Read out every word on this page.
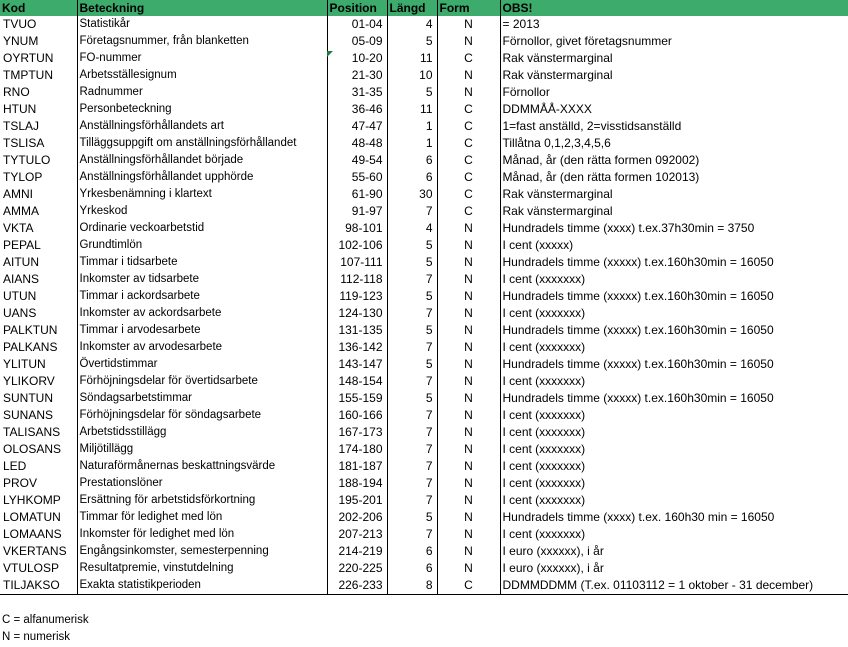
Kod	Beteckning	Position	Längd	Form	OBS!
TVUO	Statistikår	01-04	4	N	= 2013
YNUM	Företagsnummer, från blanketten	05-09	5	N	Förnollor, givet företagsnummer
OYRTUN	FO-nummer	10-20	11	C	Rak vänstermarginal
TMPTUN	Arbetsställesignum	21-30	10	N	Rak vänstermarginal
RNO	Radnummer	31-35	5	N	Förnollor
HTUN	Personbeteckning	36-46	11	C	DDMMÅÅ-XXXX
TSLAJ	Anställningsförhållandets art	47-47	1	C	1=fast anställd, 2=visstidsanställd
TSLISA	Tilläggsuppgift om anställningsförhållandet	48-48	1	C	Tillåtna 0,1,2,3,4,5,6
TYTULO	Anställningsförhållandet började	49-54	6	C	Månad, år (den rätta formen 092002)
TYLOP	Anställningsförhållandet upphörde	55-60	6	C	Månad, år (den rätta formen 102013)
AMNI	Yrkesbenämning i klartext	61-90	30	C	Rak vänstermarginal
AMMA	Yrkeskod	91-97	7	C	Rak vänstermarginal
VKTA	Ordinarie veckoarbetstid	98-101	4	N	Hundradels timme (xxxx) t.ex.37h30min = 3750
PEPAL	Grundtimlön	102-106	5	N	I cent (xxxxx)
AITUN	Timmar i tidsarbete	107-111	5	N	Hundradels timme (xxxxx) t.ex.160h30min = 16050
AIANS	Inkomster av tidsarbete	112-118	7	N	I cent (xxxxxxx)
UTUN	Timmar i ackordsarbete	119-123	5	N	Hundradels timme (xxxxx) t.ex.160h30min = 16050
UANS	Inkomster av ackordsarbete	124-130	7	N	I cent (xxxxxxx)
PALKTUN	Timmar i arvodesarbete	131-135	5	N	Hundradels timme (xxxxx) t.ex.160h30min = 16050
PALKANS	Inkomster av arvodesarbete	136-142	7	N	I cent (xxxxxxx)
YLITUN	Övertidstimmar	143-147	5	N	Hundradels timme (xxxxx) t.ex.160h30min = 16050
YLIKORV	Förhöjningsdelar för övertidsarbete	148-154	7	N	I cent (xxxxxxx)
SUNTUN	Söndagsarbetstimmar	155-159	5	N	Hundradels timme (xxxxx) t.ex.160h30min = 16050
SUNANS	Förhöjningsdelar för söndagsarbete	160-166	7	N	I cent (xxxxxxx)
TALISANS	Arbetstidsstillägg	167-173	7	N	I cent (xxxxxxx)
OLOSANS	Miljötillägg	174-180	7	N	I cent (xxxxxxx)
LED	Naturaförmånernas beskattningsvärde	181-187	7	N	I cent (xxxxxxx)
PROV	Prestationslöner	188-194	7	N	I cent (xxxxxxx)
LYHKOMP	Ersättning för arbetstidsförkortning	195-201	7	N	I cent (xxxxxxx)
LOMATUN	Timmar för ledighet med lön	202-206	5	N	Hundradels timme (xxxx) t.ex. 160h30 min = 16050
LOMAANS	Inkomster för ledighet med lön	207-213	7	N	I cent (xxxxxxx)
VKERTANS	Engångsinkomster, semesterpenning	214-219	6	N	I euro (xxxxxx), i år
VTULOSP	Resultatpremie, vinstutdelning	220-225	6	N	I euro (xxxxxx), i år
TILJAKSO	Exakta statistikperioden	226-233	8	C	DDMMDDMM (T.ex. 01103112 = 1 oktober - 31 december)
C = alfanumerisk
N = numerisk
